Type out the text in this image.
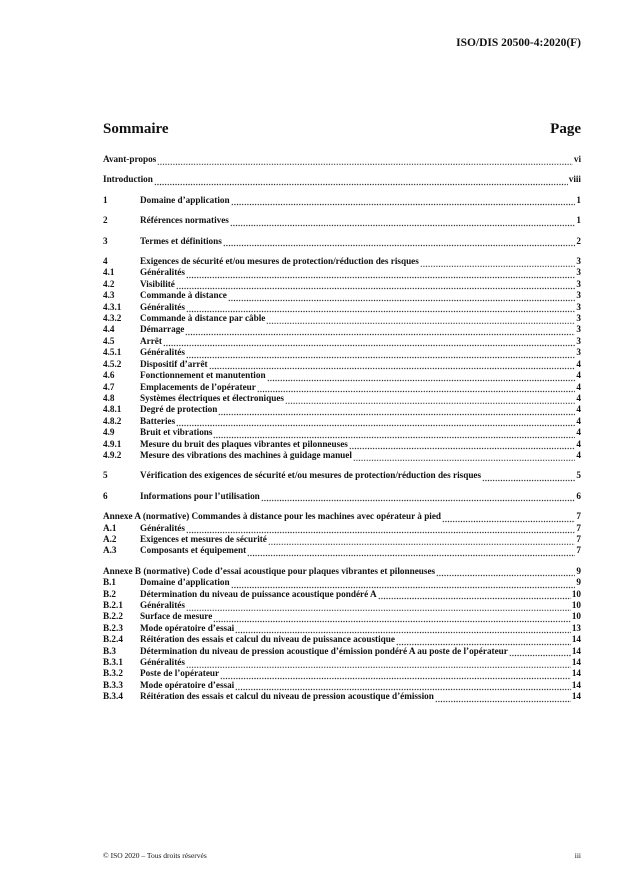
ISO/DIS 20500-4:2020(F)
Sommaire	Page
Avant-propos	vi
Introduction	viii
1	Domaine d’application	1
2	Références normatives	1
3	Termes et définitions	2
4	Exigences de sécurité et/ou mesures de protection/réduction des risques	3
4.1	Généralités	3
4.2	Visibilité	3
4.3	Commande à distance	3
4.3.1	Généralités	3
4.3.2	Commande à distance par câble	3
4.4	Démarrage	3
4.5	Arrêt	3
4.5.1	Généralités	3
4.5.2	Dispositif d’arrêt	4
4.6	Fonctionnement et manutention	4
4.7	Emplacements de l’opérateur	4
4.8	Systèmes électriques et électroniques	4
4.8.1	Degré de protection	4
4.8.2	Batteries	4
4.9	Bruit et vibrations	4
4.9.1	Mesure du bruit des plaques vibrantes et pilonneuses	4
4.9.2	Mesure des vibrations des machines à guidage manuel	4
5	Vérification des exigences de sécurité et/ou mesures de protection/réduction des risques	5
6	Informations pour l’utilisation	6
Annexe A (normative) Commandes à distance pour les machines avec opérateur à pied	7
A.1	Généralités	7
A.2	Exigences et mesures de sécurité	7
A.3	Composants et équipement	7
Annexe B (normative) Code d’essai acoustique pour plaques vibrantes et pilonneuses	9
B.1	Domaine d’application	9
B.2	Détermination du niveau de puissance acoustique pondéré A	10
B.2.1	Généralités	10
B.2.2	Surface de mesure	10
B.2.3	Mode opératoire d’essai	13
B.2.4	Réitération des essais et calcul du niveau de puissance acoustique	14
B.3	Détermination du niveau de pression acoustique d’émission pondéré A au poste de l’opérateur	14
B.3.1	Généralités	14
B.3.2	Poste de l’opérateur	14
B.3.3	Mode opératoire d’essai	14
B.3.4	Réitération des essais et calcul du niveau de pression acoustique d’émission	14
© ISO 2020 – Tous droits réservés	iii
